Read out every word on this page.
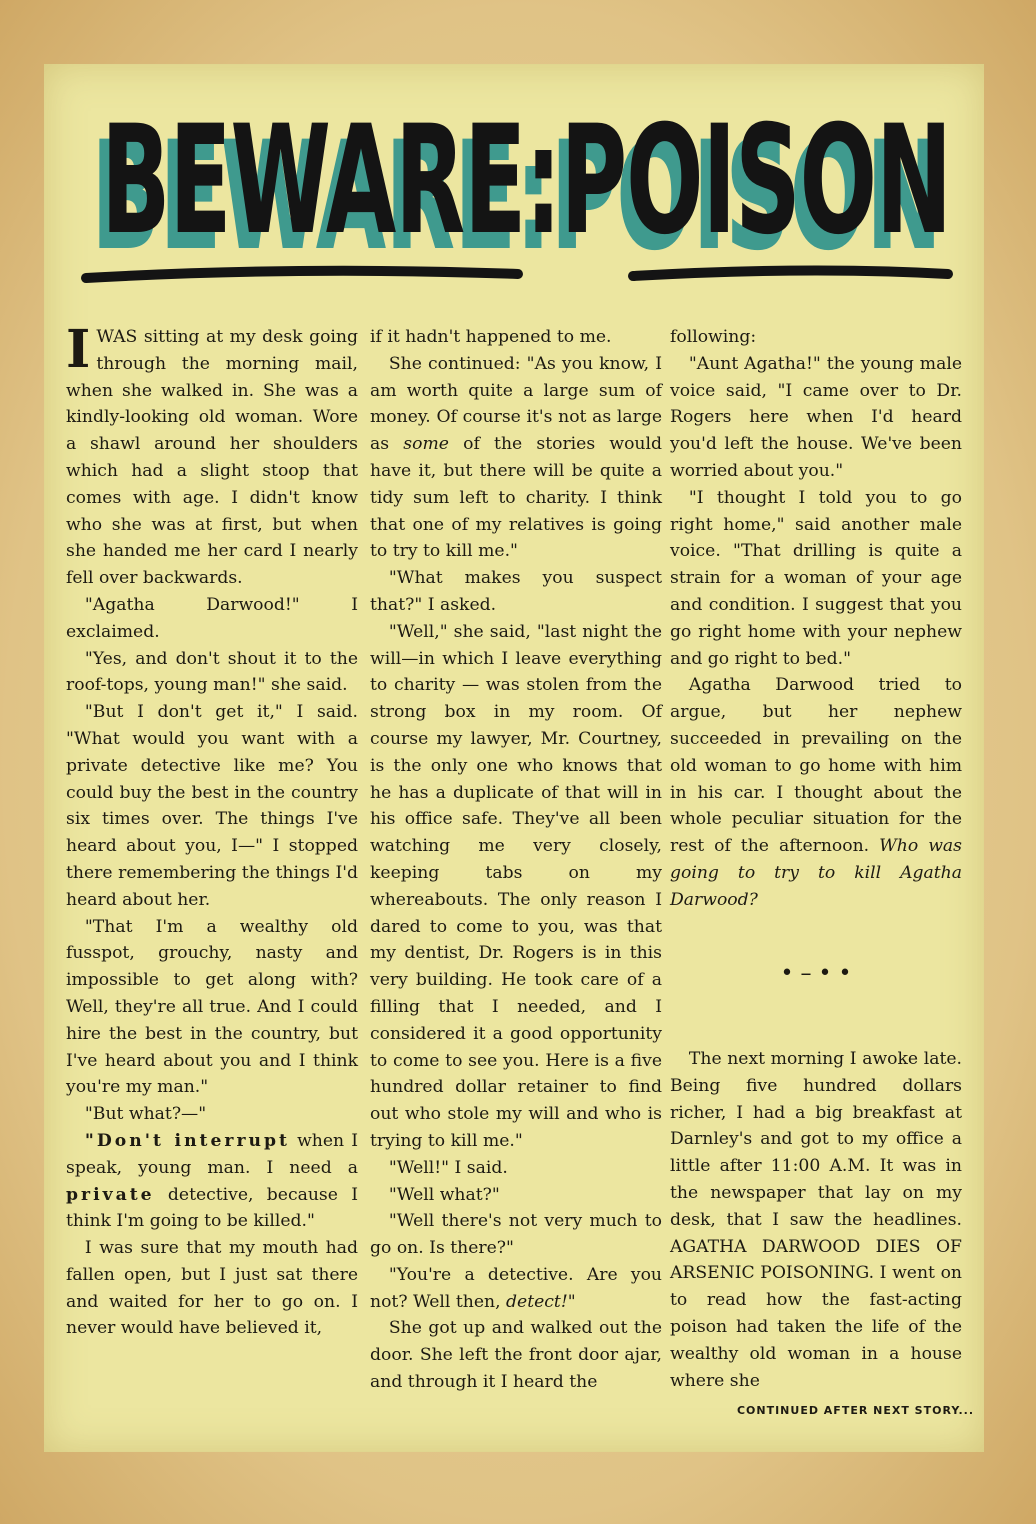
BEWARE:POISON
BEWARE:POISON

IWAS sitting at my desk going through the morning mail, when she walked in. She was a kindly-looking old woman. Wore a shawl around her shoulders which had a slight stoop that comes with age. I didn't know who she was at first, but when she handed me her card I nearly fell over backwards.

"Agatha Darwood!" I exclaimed.

"Yes, and don't shout it to the roof-tops, young man!" she said.

"But I don't get it," I said. "What would you want with a private detective like me? You could buy the best in the country six times over. The things I've heard about you, I—" I stopped there remembering the things I'd heard about her.

"That I'm a wealthy old fusspot, grouchy, nasty and impossible to get along with? Well, they're all true. And I could hire the best in the country, but I've heard about you and I think you're my man."

"But what?—"

"Don't interrupt when I speak, young man. I need a private detective, because I think I'm going to be killed."

I was sure that my mouth had fallen open, but I just sat there and waited for her to go on. I never would have believed it,

if it hadn't happened to me.

She continued: "As you know, I am worth quite a large sum of money. Of course it's not as large as some of the stories would have it, but there will be quite a tidy sum left to charity. I think that one of my relatives is going to try to kill me."

"What makes you suspect that?" I asked.

"Well," she said, "last night the will—in which I leave everything to charity — was stolen from the strong box in my room. Of course my lawyer, Mr. Courtney, is the only one who knows that he has a duplicate of that will in his office safe. They've all been watching me very closely, keeping tabs on my whereabouts. The only reason I dared to come to you, was that my dentist, Dr. Rogers is in this very building. He took care of a filling that I needed, and I considered it a good opportunity to come to see you. Here is a five hundred dollar retainer to find out who stole my will and who is trying to kill me."

"Well!" I said.

"Well what?"

"Well there's not very much to go on. Is there?"

"You're a detective. Are you not? Well then, detect!"

She got up and walked out the door. She left the front door ajar, and through it I heard the

following:

"Aunt Agatha!" the young male voice said, "I came over to Dr. Rogers here when I'd heard you'd left the house. We've been worried about you."

"I thought I told you to go right home," said another male voice. "That drilling is quite a strain for a woman of your age and condition. I suggest that you go right home with your nephew and go right to bed."

Agatha Darwood tried to argue, but her nephew succeeded in prevailing on the old woman to go home with him in his car. I thought about the whole peculiar situation for the rest of the afternoon. Who was going to try to kill Agatha Darwood?

• – • •

The next morning I awoke late. Being five hundred dollars richer, I had a big breakfast at Darnley's and got to my office a little after 11:00 A.M. It was in the newspaper that lay on my desk, that I saw the headlines. AGATHA DARWOOD DIES OF ARSENIC POISONING. I went on to read how the fast-acting poison had taken the life of the wealthy old woman in a house where she

CONTINUED AFTER NEXT STORY...
